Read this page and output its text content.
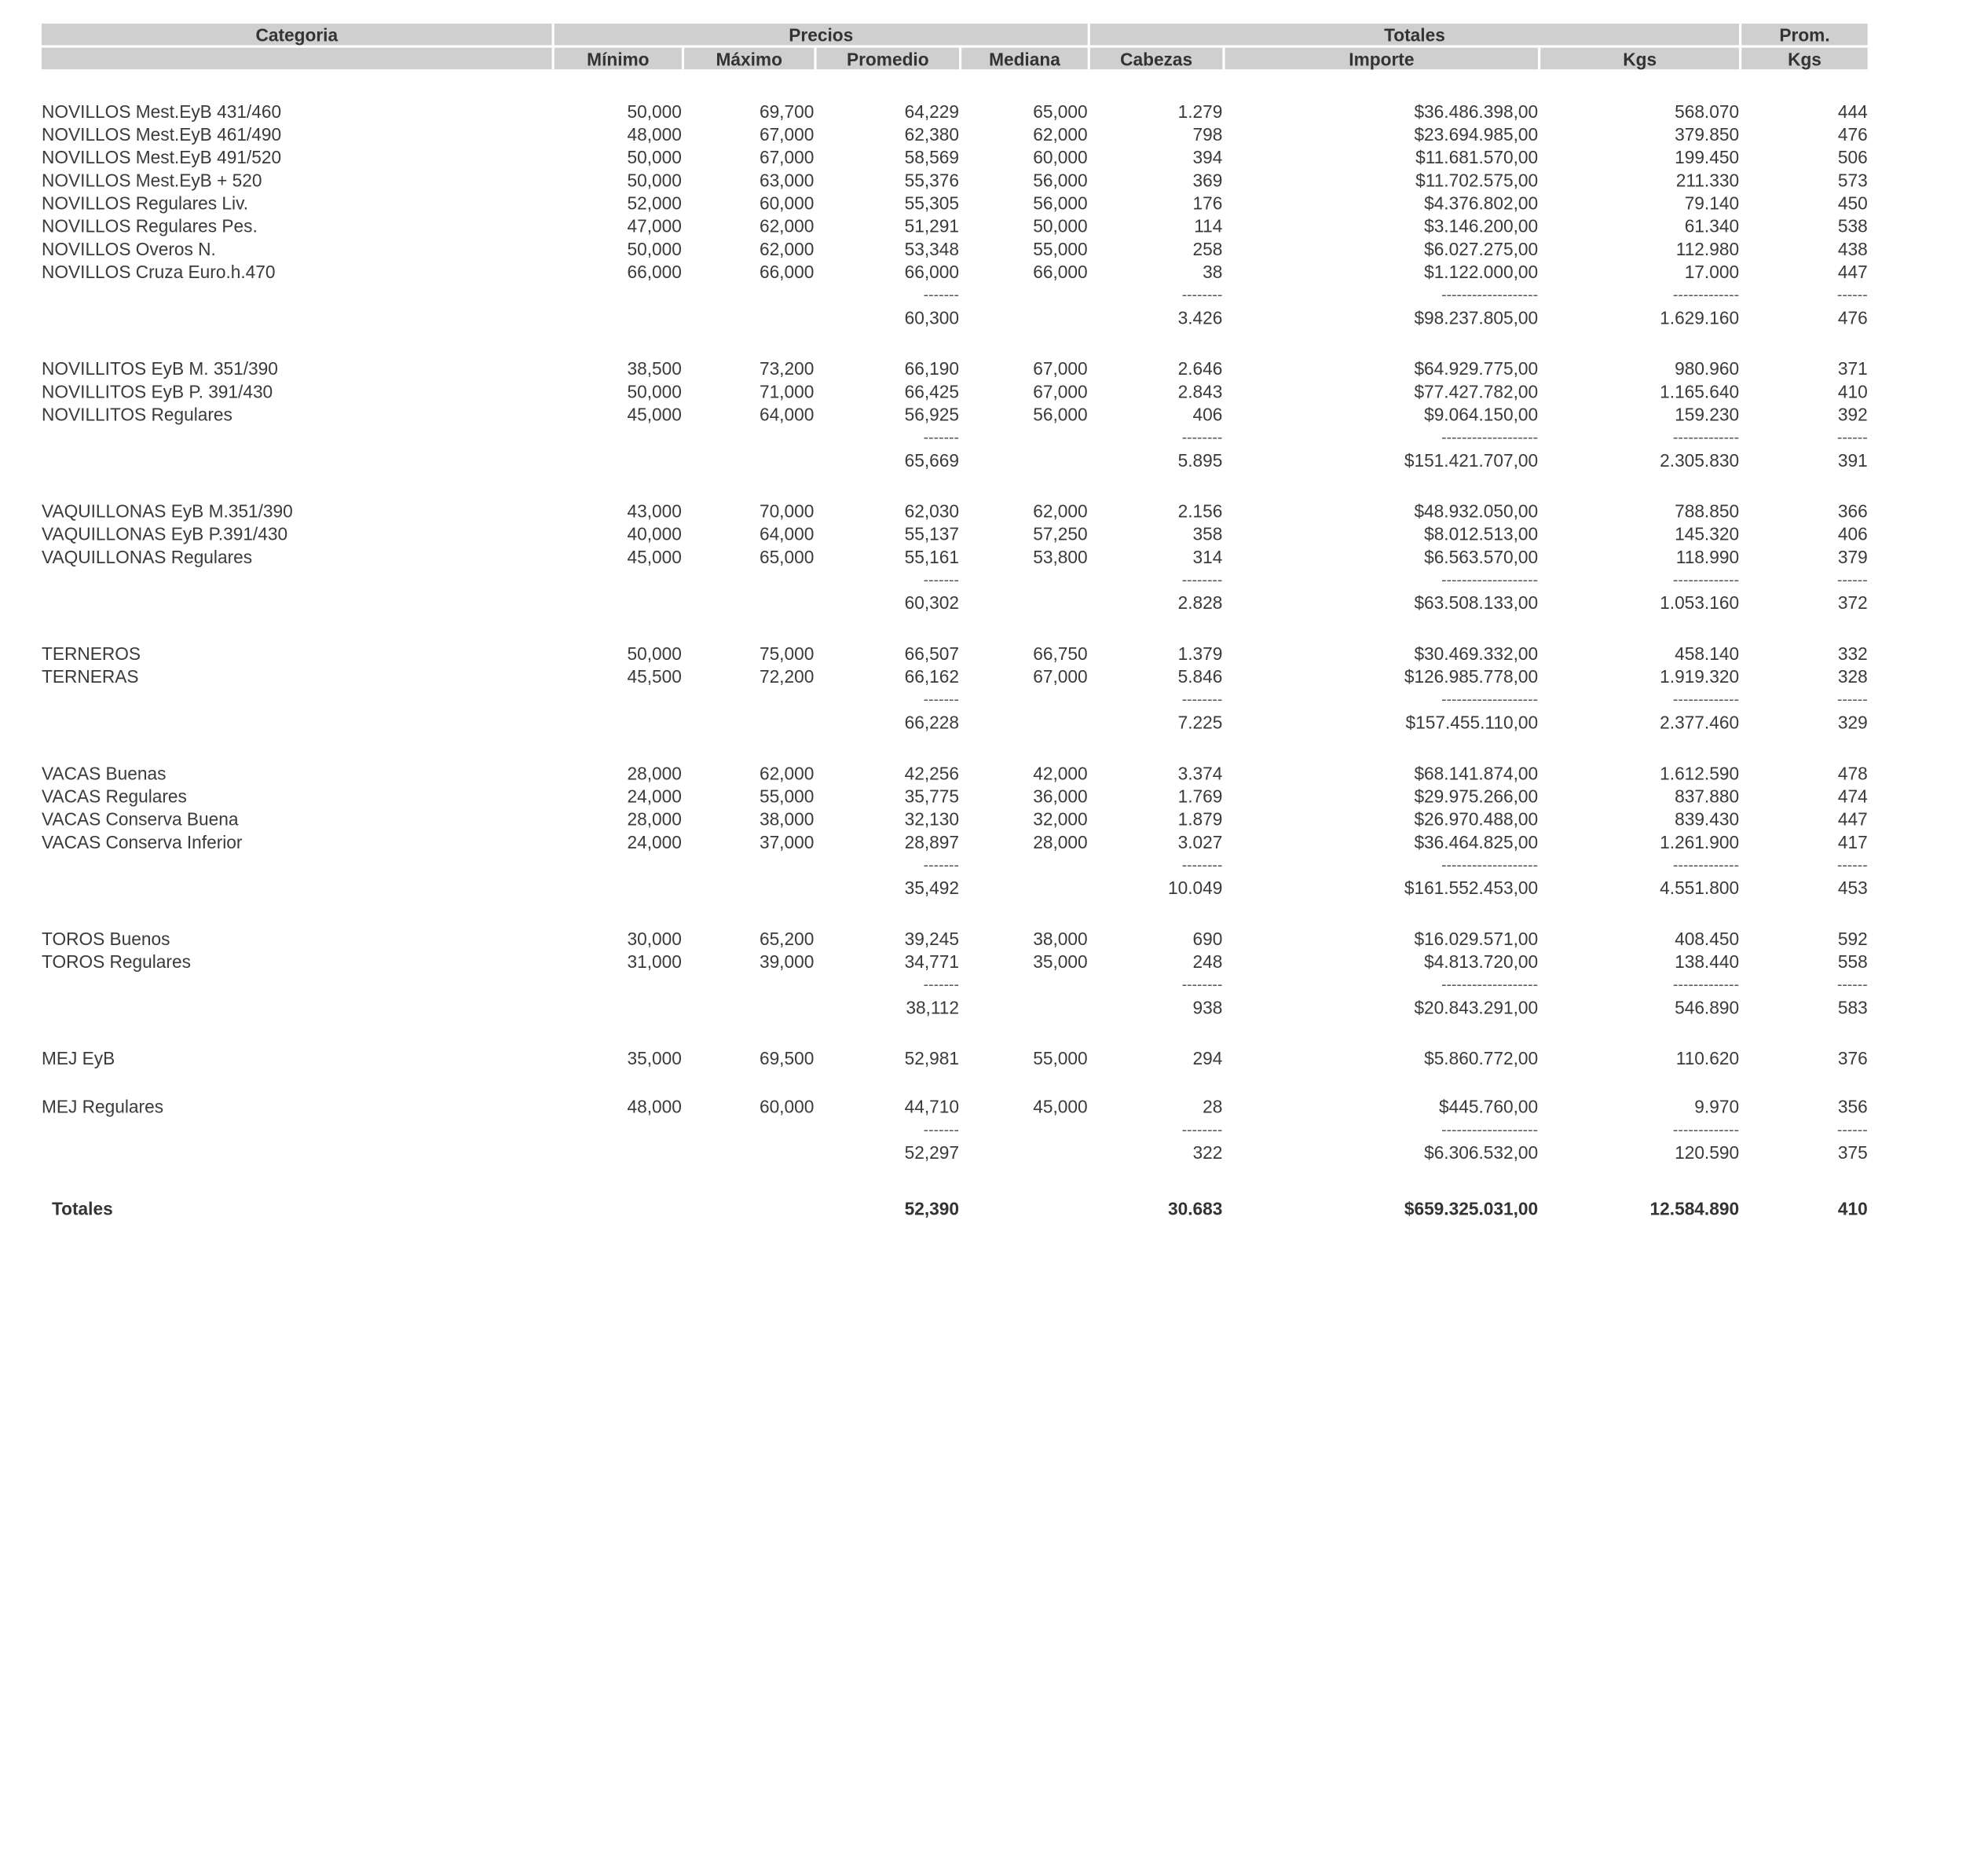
Categoria	Precios				Totales			Prom.
	Mínimo	Máximo	Promedio	Mediana	Cabezas	Importe	Kgs	Kgs

NOVILLOS Mest.EyB 431/460	50,000	69,700	64,229	65,000	1.279	$36.486.398,00	568.070	444
NOVILLOS Mest.EyB 461/490	48,000	67,000	62,380	62,000	798	$23.694.985,00	379.850	476
NOVILLOS Mest.EyB 491/520	50,000	67,000	58,569	60,000	394	$11.681.570,00	199.450	506
NOVILLOS Mest.EyB + 520	50,000	63,000	55,376	56,000	369	$11.702.575,00	211.330	573
NOVILLOS Regulares Liv.	52,000	60,000	55,305	56,000	176	$4.376.802,00	79.140	450
NOVILLOS Regulares Pes.	47,000	62,000	51,291	50,000	114	$3.146.200,00	61.340	538
NOVILLOS Overos N.	50,000	62,000	53,348	55,000	258	$6.027.275,00	112.980	438
NOVILLOS Cruza Euro.h.470	66,000	66,000	66,000	66,000	38	$1.122.000,00	17.000	447
			-------		--------	-------------------	-------------	------
			60,300		3.426	$98.237.805,00	1.629.160	476

NOVILLITOS EyB M. 351/390	38,500	73,200	66,190	67,000	2.646	$64.929.775,00	980.960	371
NOVILLITOS EyB P. 391/430	50,000	71,000	66,425	67,000	2.843	$77.427.782,00	1.165.640	410
NOVILLITOS Regulares	45,000	64,000	56,925	56,000	406	$9.064.150,00	159.230	392
			-------		--------	-------------------	-------------	------
			65,669		5.895	$151.421.707,00	2.305.830	391

VAQUILLONAS EyB M.351/390	43,000	70,000	62,030	62,000	2.156	$48.932.050,00	788.850	366
VAQUILLONAS EyB P.391/430	40,000	64,000	55,137	57,250	358	$8.012.513,00	145.320	406
VAQUILLONAS Regulares	45,000	65,000	55,161	53,800	314	$6.563.570,00	118.990	379
			-------		--------	-------------------	-------------	------
			60,302		2.828	$63.508.133,00	1.053.160	372

TERNEROS	50,000	75,000	66,507	66,750	1.379	$30.469.332,00	458.140	332
TERNERAS	45,500	72,200	66,162	67,000	5.846	$126.985.778,00	1.919.320	328
			-------		--------	-------------------	-------------	------
			66,228		7.225	$157.455.110,00	2.377.460	329

VACAS Buenas	28,000	62,000	42,256	42,000	3.374	$68.141.874,00	1.612.590	478
VACAS Regulares	24,000	55,000	35,775	36,000	1.769	$29.975.266,00	837.880	474
VACAS Conserva Buena	28,000	38,000	32,130	32,000	1.879	$26.970.488,00	839.430	447
VACAS Conserva Inferior	24,000	37,000	28,897	28,000	3.027	$36.464.825,00	1.261.900	417
			-------		--------	-------------------	-------------	------
			35,492		10.049	$161.552.453,00	4.551.800	453

TOROS Buenos	30,000	65,200	39,245	38,000	690	$16.029.571,00	408.450	592
TOROS Regulares	31,000	39,000	34,771	35,000	248	$4.813.720,00	138.440	558
			-------		--------	-------------------	-------------	------
			38,112		938	$20.843.291,00	546.890	583

MEJ EyB	35,000	69,500	52,981	55,000	294	$5.860.772,00	110.620	376

MEJ Regulares	48,000	60,000	44,710	45,000	28	$445.760,00	9.970	356
			-------		--------	-------------------	-------------	------
			52,297		322	$6.306.532,00	120.590	375

Totales			52,390		30.683	$659.325.031,00	12.584.890	410
